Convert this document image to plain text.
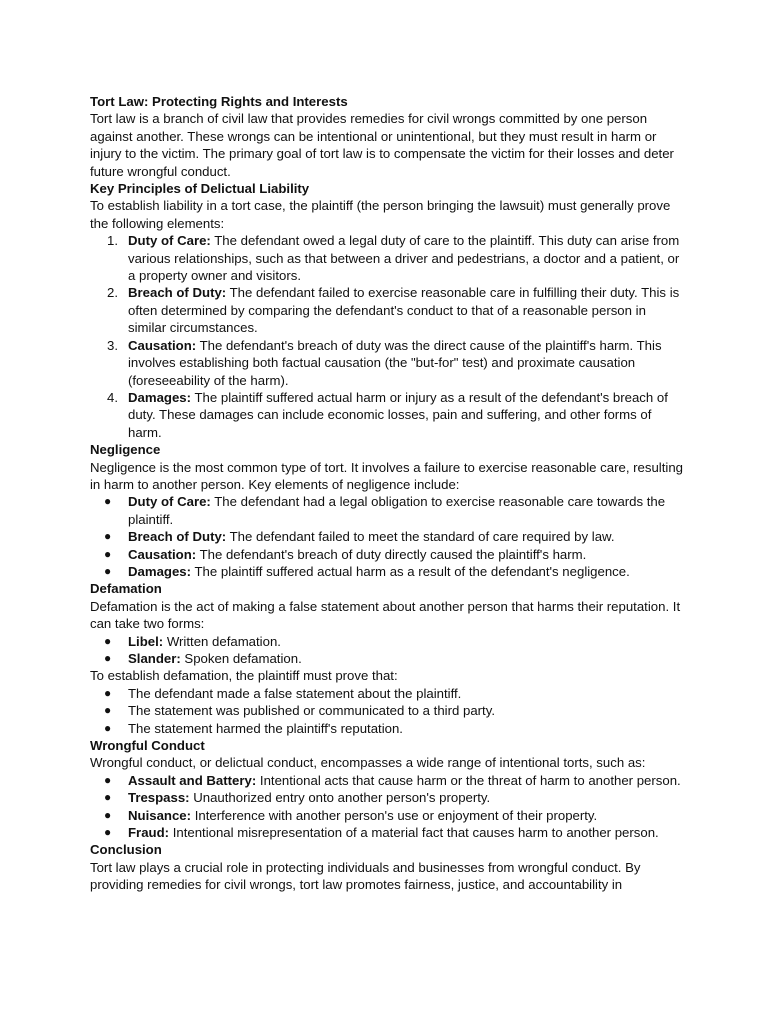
Tort Law: Protecting Rights and Interests

Tort law is a branch of civil law that provides remedies for civil wrongs committed by one person against another. These wrongs can be intentional or unintentional, but they must result in harm or injury to the victim. The primary goal of tort law is to compensate the victim for their losses and deter future wrongful conduct.

Key Principles of Delictual Liability

To establish liability in a tort case, the plaintiff (the person bringing the lawsuit) must generally prove the following elements:

1. Duty of Care: The defendant owed a legal duty of care to the plaintiff. This duty can arise from various relationships, such as that between a driver and pedestrians, a doctor and a patient, or a property owner and visitors.
2. Breach of Duty: The defendant failed to exercise reasonable care in fulfilling their duty. This is often determined by comparing the defendant's conduct to that of a reasonable person in similar circumstances.
3. Causation: The defendant's breach of duty was the direct cause of the plaintiff's harm. This involves establishing both factual causation (the "but-for" test) and proximate causation (foreseeability of the harm).
4. Damages: The plaintiff suffered actual harm or injury as a result of the defendant's breach of duty. These damages can include economic losses, pain and suffering, and other forms of harm.

Negligence

Negligence is the most common type of tort. It involves a failure to exercise reasonable care, resulting in harm to another person. Key elements of negligence include:

● Duty of Care: The defendant had a legal obligation to exercise reasonable care towards the plaintiff.
● Breach of Duty: The defendant failed to meet the standard of care required by law.
● Causation: The defendant's breach of duty directly caused the plaintiff's harm.
● Damages: The plaintiff suffered actual harm as a result of the defendant's negligence.

Defamation

Defamation is the act of making a false statement about another person that harms their reputation. It can take two forms:

● Libel: Written defamation.
● Slander: Spoken defamation.

To establish defamation, the plaintiff must prove that:

● The defendant made a false statement about the plaintiff.
● The statement was published or communicated to a third party.
● The statement harmed the plaintiff's reputation.

Wrongful Conduct

Wrongful conduct, or delictual conduct, encompasses a wide range of intentional torts, such as:

● Assault and Battery: Intentional acts that cause harm or the threat of harm to another person.
● Trespass: Unauthorized entry onto another person's property.
● Nuisance: Interference with another person's use or enjoyment of their property.
● Fraud: Intentional misrepresentation of a material fact that causes harm to another person.

Conclusion

Tort law plays a crucial role in protecting individuals and businesses from wrongful conduct. By providing remedies for civil wrongs, tort law promotes fairness, justice, and accountability in
